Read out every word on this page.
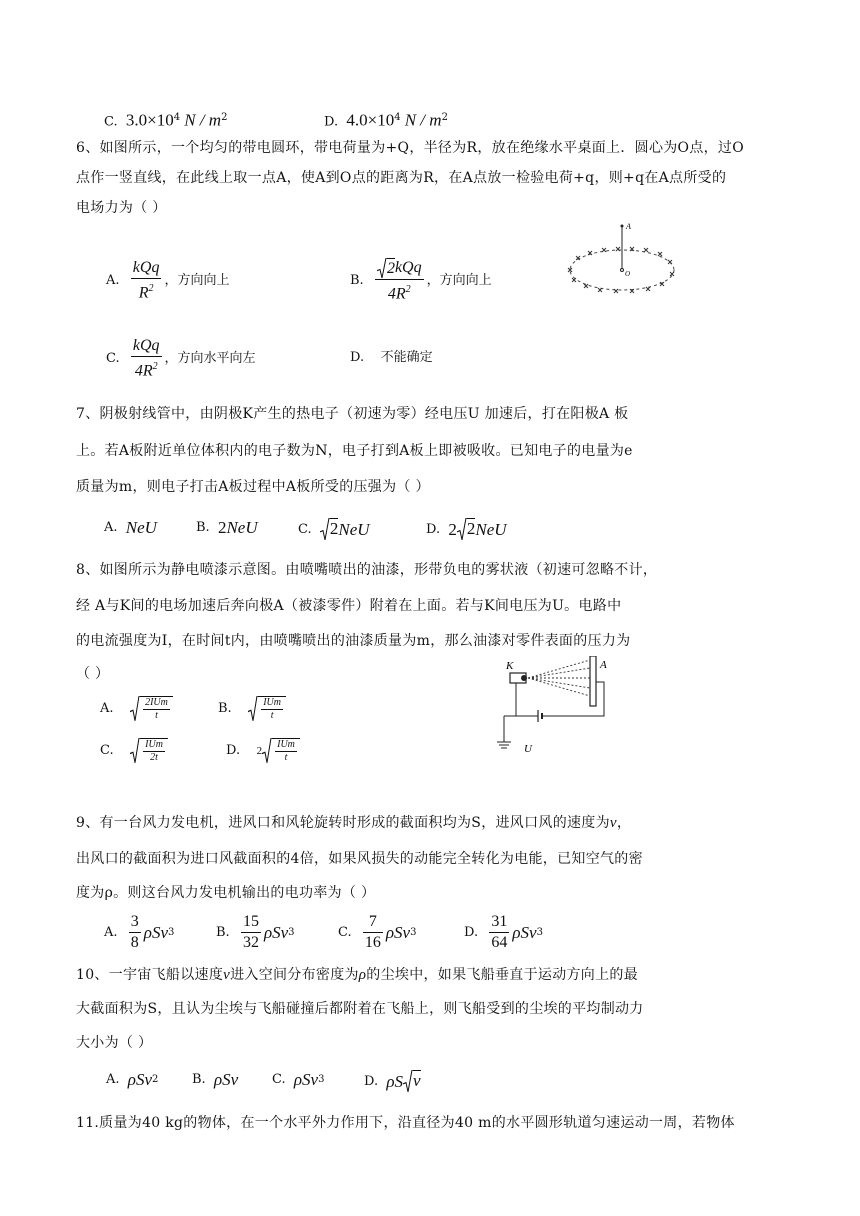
C. $3.0\times 10^4$ N / $m^2$	D. $4.0\times 10^4$ N / $m^2$
6、如图所示，一个均匀的带电圆环，带电荷量为+Q，半径为R，放在绝缘水平桌面上．圆心为O点，过O
点作一竖直线，在此线上取一点A，使A到O点的距离为R，在A点放一检验电荷+q，则+q在A点所受的
电场力为（ ）
A.
$\frac{\text{kQq}}{R^2}$ ，方向向上	B.
$\frac{\text{2kQq}}{4R^2}$ ，方向向上
A
O
C.
$\frac{\text{kQq}}{4R^2}$ ，方向水平向左	D. 不能确定
7、阴极射线管中，由阴极K产生的热电子（初速为零）经电压U 加速后，打在阳极A 板
上。若A板附近单位体积内的电子数为N，电子打到A板上即被吸收。已知电子的电量为e
质量为m，则电子打击A板过程中A板所受的压强为（ ）
A.
NeU	B.
2 NeU	C.
	2 NeU	D.
2 2 NeU
8、如图所示为静电喷漆示意图。由喷嘴喷出的油漆，形带负电的雾状液（初速可忽略不计，
经 A与K间的电场加速后奔向极A（被漆零件）附着在上面。若与K间电压为U。电路中
的电流强度为I，在时间t内，由喷嘴喷出的油漆质量为m，那么油漆对零件表面的压力为
（ ）
A.
	$\frac{\text{2IUm}}{t}$	B.
	$\frac{\text{IUm}}{t}$
C.
	$\frac{\text{IUm}}{2t}$	D.
$2 \frac{\text{IUm}}{t}$
K	A
U
9、有一台风力发电机，进风口和风轮旋转时形成的截面积均为S，进风口风的速度为v，
出风口的截面积为进口风截面积的4倍，如果风损失的动能完全转化为电能，已知空气的密
度为ρ。则这台风力发电机输出的电功率为（ ）
A.
$\frac{3}{8}$ ρSv 3	B.
$\frac{15}{32}$ ρSv 3	C.
$\frac{7}{16}$ ρSv 3	D.
$\frac{31}{64}$ ρSv 3
10、一宇宙飞船以速度v进入空间分布密度为ρ的尘埃中，如果飞船垂直于运动方向上的最
大截面积为S，且认为尘埃与飞船碰撞后都附着在飞船上，则飞船受到的尘埃的平均制动力
大小为（ ）
A.
ρSv 2	B.
ρSv	C.
ρSv 3	D.
ρS v
11.质量为40 kg的物体，在一个水平外力作用下，沿直径为40 m的水平圆形轨道匀速运动一周，若物体
